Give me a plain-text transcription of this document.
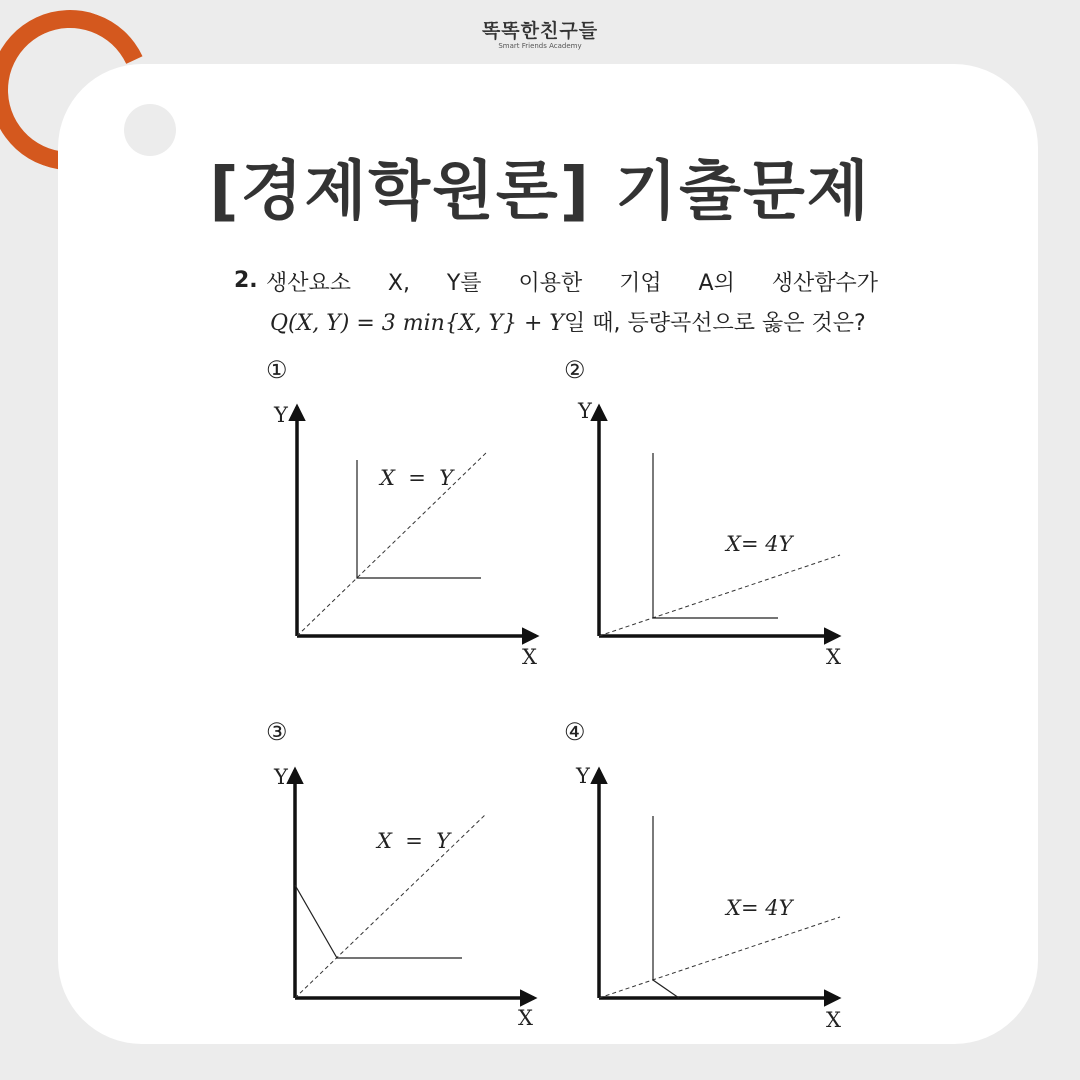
똑똑한친구들
Smart Friends Academy
[경제학원론] 기출문제
2. 생산요소 X, Y를 이용한 기업 A의 생산함수가
Q(X, Y) = 3 min{X, Y} + Y일 때, 등량곡선으로 옳은 것은?
①	②
③	④
Y
X
X  =  Y
Y
X
X= 4Y
Y
X
X  =  Y
Y
X
X= 4Y
